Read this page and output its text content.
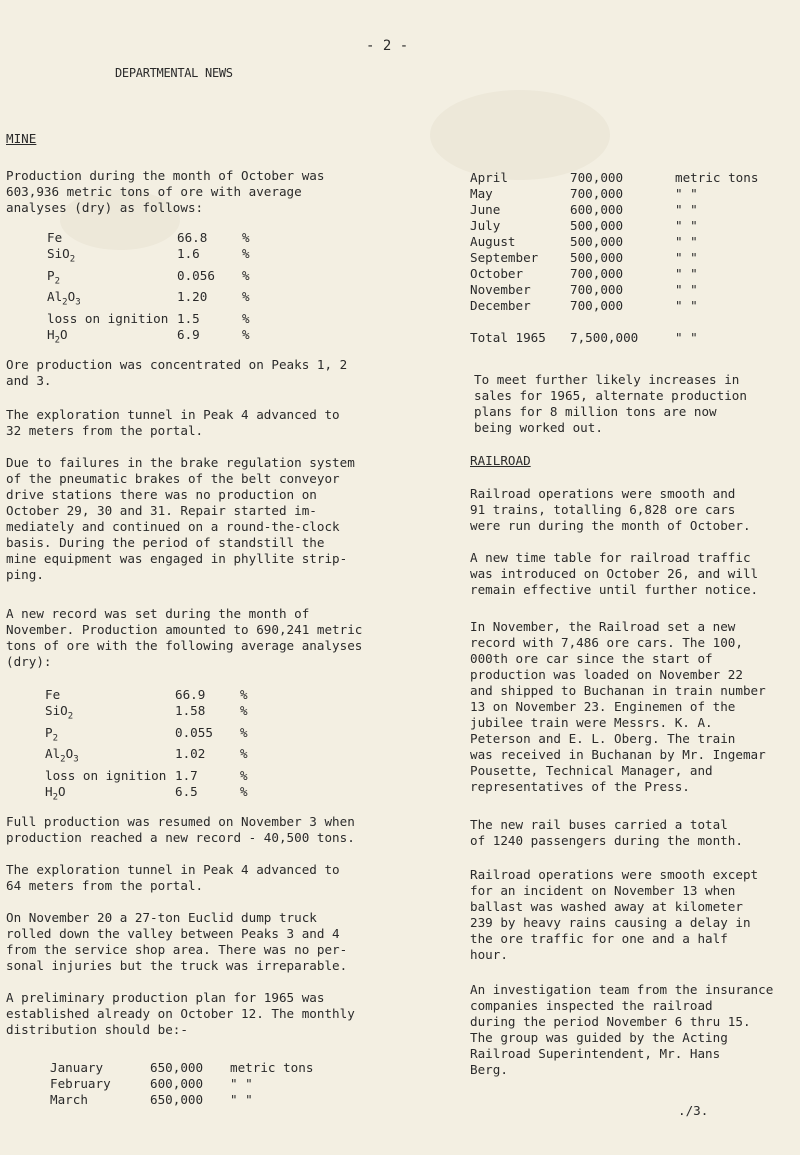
- 2 -
DEPARTMENTAL NEWS
MINE

Production during the month of October was

603,936 metric tons of ore with average

analyses (dry) as follows:

Fe	66.8	%
SiO$_2$	1.6	%
$P_2$	0.056	%
$Al_2O_3$	1.20	%
loss on ignition	1.5	%
$H_2O$	6.9	%

Ore production was concentrated on Peaks 1, 2

and 3.

The exploration tunnel in Peak 4 advanced to

32 meters from the portal.

Due to failures in the brake regulation system

of the pneumatic brakes of the belt conveyor

drive stations there was no production on

October 29, 30 and 31. Repair started im-

mediately and continued on a round-the-clock

basis. During the period of standstill the

mine equipment was engaged in phyllite strip-

ping.

A new record was set during the month of

November. Production amounted to 690,241 metric

tons of ore with the following average analyses

(dry):

Fe	66.9	%
SiO$_2$	1.58	%
$P_2$	0.055	%
$Al_2O_3$	1.02	%
loss on ignition	1.7	%
$H_2O$	6.5	%

Full production was resumed on November 3 when

production reached a new record - 40,500 tons.

The exploration tunnel in Peak 4 advanced to

64 meters from the portal.

On November 20 a 27-ton Euclid dump truck

rolled down the valley between Peaks 3 and 4

from the service shop area. There was no per-

sonal injuries but the truck was irreparable.

A preliminary production plan for 1965 was

established already on October 12. The monthly

distribution should be:-

January	650,000	metric tons
February	600,000	" "
March	650,000	" "
April	700,000	metric tons
May	700,000	" "
June	600,000	" "
July	500,000	" "
August	500,000	" "
September	500,000	" "
October	700,000	" "
November	700,000	" "
December	700,000	" "
Total 1965	7,500,000	" "

To meet further likely increases in

sales for 1965, alternate production

plans for 8 million tons are now

being worked out.

RAILROAD

Railroad operations were smooth and

91 trains, totalling 6,828 ore cars

were run during the month of October.

A new time table for railroad traffic

was introduced on October 26, and will

remain effective until further notice.

In November, the Railroad set a new

record with 7,486 ore cars. The 100,

000th ore car since the start of

production was loaded on November 22

and shipped to Buchanan in train number

13 on November 23. Enginemen of the

jubilee train were Messrs. K. A.

Peterson and E. L. Oberg. The train

was received in Buchanan by Mr. Ingemar

Pousette, Technical Manager, and

representatives of the Press.

The new rail buses carried a total

of 1240 passengers during the month.

Railroad operations were smooth except

for an incident on November 13 when

ballast was washed away at kilometer

239 by heavy rains causing a delay in

the ore traffic for one and a half

hour.

An investigation team from the insurance

companies inspected the railroad

during the period November 6 thru 15.

The group was guided by the Acting

Railroad Superintendent, Mr. Hans

Berg.

./3.
